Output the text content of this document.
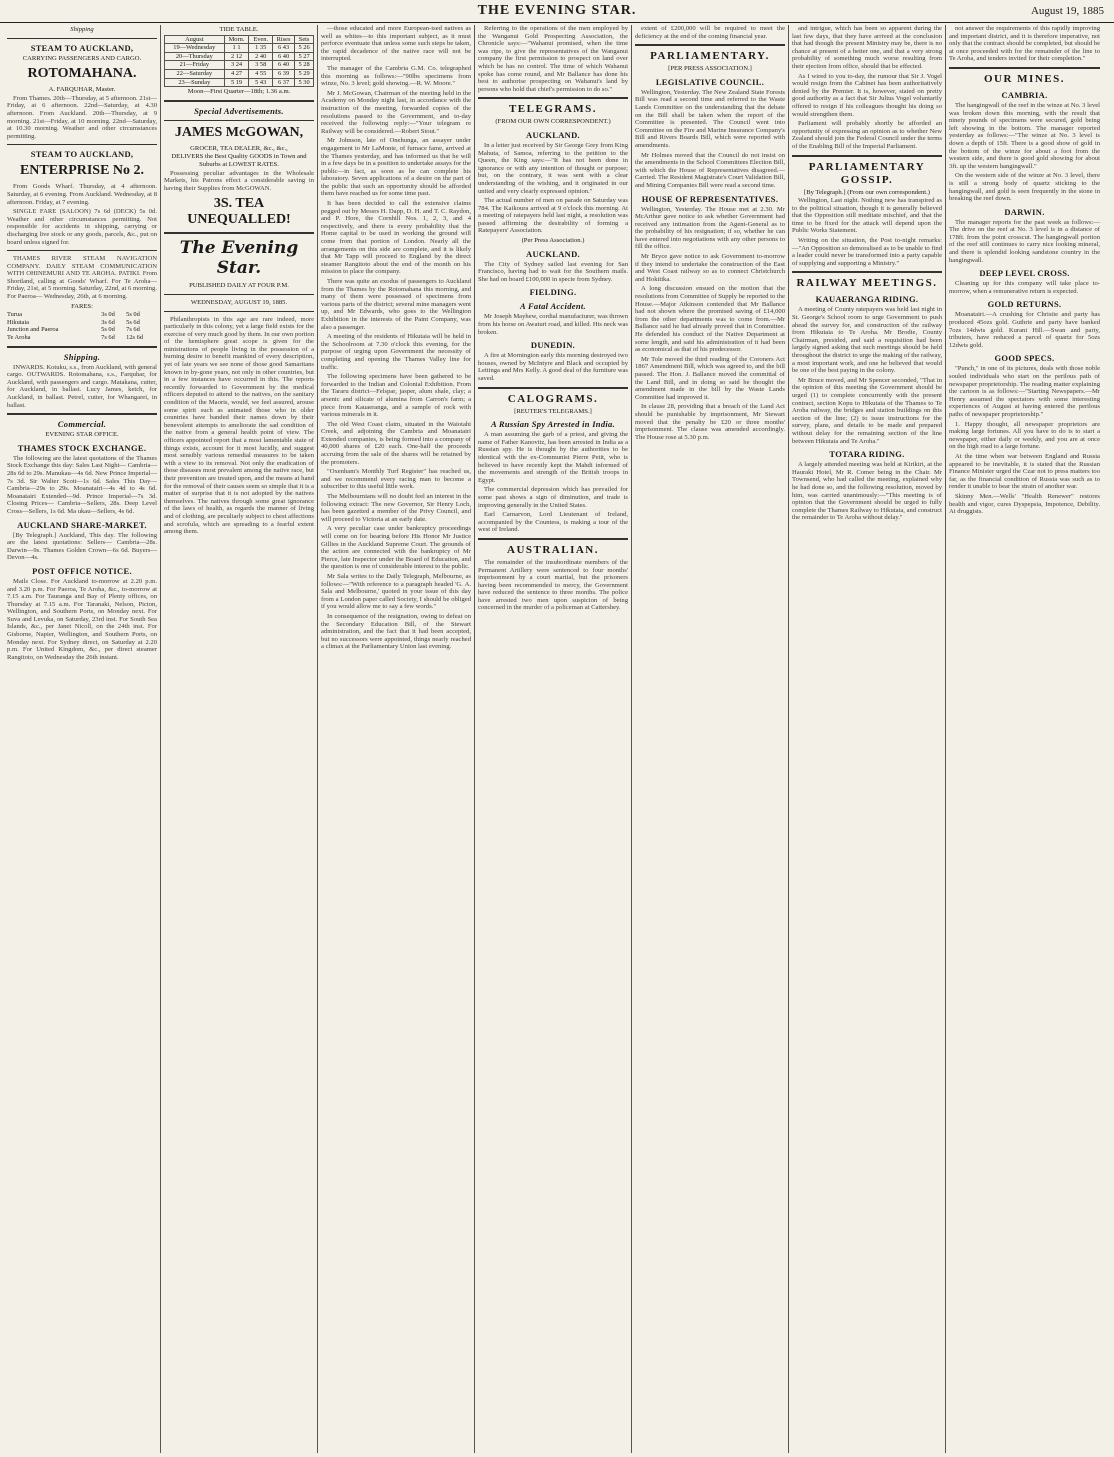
THE EVENING STAR.	August 19, 1885
Shipping
STEAM TO AUCKLAND,
CARRYING PASSENGERS AND CARGO.
ROTOMAHANA.
A. FARQUHAR, Master.

From Thames. 20th—Thursday, at 5 afternoon. 21st—Friday, at 6 afternoon. 22nd—Saturday, at 4.30 afternoon. From Auckland. 20th—Thursday, at 9 morning. 21st—Friday, at 10 morning. 22nd—Saturday, at 10.30 morning. Weather and other circumstances permitting.

STEAM TO AUCKLAND,
ENTERPRISE No 2.

From Goods Wharf. Thursday, at 4 afternoon. Saturday, at 6 evening. From Auckland. Wednesday, at 8 afternoon. Friday, at 7 evening.

SINGLE FARE (SALOON) 7s 6d (DECK) 5s 0d. Weather and other circumstances permitting. Not responsible for accidents in shipping, carrying or discharging live stock or any goods, parcels, &c., put on board unless signed for.

THAMES RIVER STEAM NAVIGATION COMPANY. DAILY STEAM COMMUNICATION WITH OHINEMURI AND TE AROHA. PATIKI. From Shortland, calling at Goods' Wharf. For Te Aroha— Friday, 21st, at 5 morning. Saturday, 22nd, at 6 morning. For Paeroa— Wednesday, 26th, at 6 morning.

FARES:
Turua	3s 0d	5s 0d
Hikutaia	3s 6d	5s 6d
Junction and Paeroa	5s 0d	7s 6d
Te Aroha	7s 6d	12s 6d
Shipping.

INWARDS. Kotuku, s.s., from Auckland, with general cargo. OUTWARDS. Rotomahana, s.s., Farquhar, for Auckland, with passengers and cargo. Matakana, cutter, for Auckland, in ballast. Lucy James, ketch, for Auckland, in ballast. Petrel, cutter, for Whangarei, in ballast.

Commercial.
EVENING STAR OFFICE.
THAMES STOCK EXCHANGE.

The following are the latest quotations of the Thames Stock Exchange this day: Sales Last Night— Cambria—28s 6d to 29s. Manukau—4s 6d. New Prince Imperial—7s 3d. Sir Walter Scott—1s 6d. Sales This Day— Cambria—29s to 29s. Moanatairi—4s 4d to 4s 6d. Moanatairi Extended—9d. Prince Imperial—7s 3d. Closing Prices— Cambria—Sellers, 28s. Deep Level Cross—Sellers, 1s 6d. Ma ukau—Sellers, 4s 6d.

AUCKLAND SHARE-MARKET.

[By Telegraph.] Auckland, This day. The following are the latest quotations: Sellers— Cambria—28s. Darwin—9s. Thames Golden Crown—6s 6d. Buyers— Devon—4s.

POST OFFICE NOTICE.

Mails Close. For Auckland to-morrow at 2.20 p.m. and 3.20 p.m. For Paeroa, Te Aroha, &c., to-morrow at 7.15 a.m. For Tauranga and Bay of Plenty offices, on Thursday at 7.15 a.m. For Taranaki, Nelson, Picton, Wellington, and Southern Ports, on Monday next. For Suva and Levuka, on Saturday, 23rd inst. For South Sea Islands, &c., per Janet Nicoll, on the 24th inst. For Gisborne, Napier, Wellington, and Southern Ports, on Monday next. For Sydney direct, on Saturday at 2.20 p.m. For United Kingdom, &c., per direct steamer Rangitoto, on Wednesday the 26th instant.

TIDE TABLE.
August	Morn.	Even.	Rises	Sets
19—Wednesday	1 1	1 35	6 43	5 26
20—Thursday	2 12	2 40	6 40	5 27
21—Friday	3 24	3 58	6 40	5 28
22—Saturday	4 27	4 55	6 39	5 29
23—Sunday	5 19	5 43	6 37	5 30
Moon—First Quarter—18th; 1.36 a.m.
Special Advertisements.
JAMES McGOWAN,
GROCER, TEA DEALER, &c., &c.,
DELIVERS the Best Quality GOODS in Town and Suburbs at LOWEST RATES.

Possessing peculiar advantages in the Wholesale Markets, his Patrons effect a considerable saving in having their Supplies from McGOWAN.

3S. TEA UNEQUALLED!
The Evening Star.
PUBLISHED DAILY AT FOUR P.M.
WEDNESDAY, AUGUST 19, 1885.

Philanthropists in this age are rare indeed, more particularly in this colony, yet a large field exists for the exercise of very much good by them. In our own portion of the hemisphere great scope is given for the ministrations of people living in the possession of a burning desire to benefit mankind of every description, yet of late years we see none of those good Samaritans known in by-gone years, not only in other countries, but in a few instances have occurred in this. The reports recently forwarded to Government by the medical officers deputed to attend to the natives, on the sanitary condition of the Maoris, would, we feel assured, arouse some spirit such as animated those who in older countries have banded their names down by their benevolent attempts to ameliorate the sad condition of the native from a general health point of view. The officers appointed report that a most lamentable state of things exists, account for it most lucidly, and suggest most sensibly various remedial measures to be taken with a view to its removal. Not only the eradication of those diseases most prevalent among the native race, but their prevention are treated upon, and the means at hand for the removal of their causes seem so simple that it is a matter of surprise that it is not adopted by the natives themselves. The natives through some great ignorance of the laws of health, as regards the manner of living and of clothing, are peculiarly subject to chest affections and scrofula, which are spreading to a fearful extent among them.

—those educated and more European-ised natives as well as whites—to this important subject, as it must perforce eventuate that unless some such steps be taken, the rapid decadence of the native race will not be interrupted.

The manager of the Cambria G.M. Co. telegraphed this morning as follows:—"90lbs specimens from winze, No. 3 level; gold showing.—R. W. Moore."

Mr J. McGowan, Chairman of the meeting held in the Academy on Monday night last, in accordance with the instruction of the meeting, forwarded copies of the resolutions passed to the Government, and to-day received the following reply:—"Your telegram re Railway will be considered.—Robert Stout."

Mr Johnson, late of Onehunga, an assayer under engagement to Mr LaMonte, of furnace fame, arrived at the Thames yesterday, and has informed us that he will in a few days be in a position to undertake assays for the public—in fact, as soon as he can complete his laboratory. Seven applications of a desire on the part of the public that such an opportunity should be afforded them have reached us for some time past.

It has been decided to call the extensive claims pegged out by Messrs H. Dapp, D. H. and T. C. Raydon, and P. Hore, the Cornhill Nos. 1, 2, 3, and 4 respectively, and there is every probability that the Home capital to be used in working the ground will come from that portion of London. Nearly all the arrangements on this side are complete, and it is likely that Mr Tapp will proceed to England by the direct steamer Rangitoto about the end of the month on his mission to place the company.

There was quite an exodus of passengers to Auckland from the Thames by the Rotomahana this morning, and many of them were possessed of specimens from various parts of the district; several mine managers went up, and Mr Edwards, who goes to the Wellington Exhibition in the interests of the Paint Company, was also a passenger.

A meeting of the residents of Hikutaia will be held in the Schoolroom at 7.30 o'clock this evening, for the purpose of urging upon Government the necessity of completing and opening the Thames Valley line for traffic.

The following specimens have been gathered to be forwarded to the Indian and Colonial Exhibition. From the Tararu district—Felspar, jasper, alum shale, clay; a arsenic and silicate of alumina from Carron's farm; a piece from Kauaeranga, and a sample of rock with various minerals in it.

The old West Coast claim, situated in the Waiotahi Creek, and adjoining the Cambria and Moanatairi Extended companies, is being formed into a company of 40,000 shares of £20 each. One-half the proceeds accruing from the sale of the shares will be retained by the promoters.

"Oxenham's Monthly Turf Register" has reached us, and we recommend every racing man to become a subscriber to this useful little work.

The Melbournians will no doubt feel an interest in the following extract: The new Governor, Sir Henry Loch, has been gazetted a member of the Privy Council, and will proceed to Victoria at an early date.

A very peculiar case under bankruptcy proceedings will come on for hearing before His Honor Mr Justice Gillies in the Auckland Supreme Court. The grounds of the action are connected with the bankruptcy of Mr Pierce, late Inspector under the Board of Education, and the question is one of considerable interest to the public.

Mr Sala writes to the Daily Telegraph, Melbourne, as follows:—"With reference to a paragraph headed 'G. A. Sala and Melbourne,' quoted in your issue of this day from a London paper called Society, I should be obliged if you would allow me to say a few words."

In consequence of the resignation, owing to defeat on the Secondary Education Bill, of the Stewart administration, and the fact that it had been accepted, but no successors were appointed, things nearly reached a climax at the Parliamentary Union last evening.

Referring to the operations of the men employed by the Wanganui Gold Prospecting Association, the Chronicle says:—"Wahanui promised, when the time was ripe, to give the representatives of the Wanganui company the first permission to prospect on land over which he has no control. The time of which Wahanui spoke has come round, and Mr Ballance has done his best to authorise prospecting on Wahanui's land by persons who hold that chief's permission to do so."

TELEGRAMS.
(FROM OUR OWN CORRESPONDENT.)
AUCKLAND.

In a letter just received by Sir George Grey from King Mahuta, of Samoa, referring to the petition to the Queen, the King says:—"It has not been done in ignorance or with any intention of thought or purpose; but, on the contrary, it was sent with a clear understanding of the wishing, and it originated in our united and very clearly expressed opinion."

The actual number of men on parade on Saturday was 784. The Kaikoura arrived at 9 o'clock this morning. At a meeting of ratepayers held last night, a resolution was passed affirming the desirability of forming a Ratepayers' Association.

(Per Press Association.)
AUCKLAND.

The City of Sydney sailed last evening for San Francisco, having had to wait for the Southern mails. She had on board £100,000 in specie from Sydney.

FIELDING.
A Fatal Accident.

Mr Joseph Mayhew, cordial manufacturer, was thrown from his horse on Awaturi road, and killed. His neck was broken.

DUNEDIN.

A fire at Mornington early this morning destroyed two houses, owned by McIntyre and Black and occupied by Lettinga and Mrs Kelly. A good deal of the furniture was saved.

CALOGRAMS.
[REUTER'S TELEGRAMS.]
A Russian Spy Arrested in India.

A man assuming the garb of a priest, and giving the name of Father Kanovitz, has been arrested in India as a Russian spy. He is thought by the authorities to be identical with the ex-Communist Pierre Petit, who is believed to have recently kept the Mahdi informed of the movements and strength of the British troops in Egypt.

The commercial depression which has prevailed for some past shows a sign of diminution, and trade is improving generally in the United States.

Earl Carnarvon, Lord Lieutenant of Ireland, accompanied by the Countess, is making a tour of the west of Ireland.

AUSTRALIAN.

The remainder of the insubordinate members of the Permanent Artillery were sentenced to four months' imprisonment by a court martial, but the prisoners having been recommended to mercy, the Government have reduced the sentence to three months. The police have arrested two men upon suspicion of being concerned in the murder of a policeman at Cattershey.

extent of £200,000 will be required to meet the deficiency at the end of the coming financial year.

PARLIAMENTARY.
[PER PRESS ASSOCIATION.]
LEGISLATIVE COUNCIL.

Wellington, Yesterday. The New Zealand State Forests Bill was read a second time and referred to the Waste Lands Committee on the understanding that the debate on the Bill shall be taken when the report of the Committee is presented. The Council went into Committee on the Fire and Marine Insurance Company's Bill and Rivers Boards Bill, which were reported with amendments.

Mr Holmes moved that the Council do not insist on the amendments in the School Committees Election Bill, with which the House of Representatives disagreed.—Carried. The Resident Magistrate's Court Validation Bill, and Mining Companies Bill were read a second time.

HOUSE OF REPRESENTATIVES.

Wellington, Yesterday. The House met at 2.30. Mr McArthur gave notice to ask whether Government had received any intimation from the Agent-General as to the probability of his resignation; if so, whether he can have entered into negotiations with any other persons to fill the office.

Mr Bryce gave notice to ask Government to-morrow if they intend to undertake the construction of the East and West Coast railway so as to connect Christchurch and Hokitika.

A long discussion ensued on the motion that the resolutions from Committee of Supply be reported to the House.—Major Atkinson contended that Mr Ballance had not shown where the promised saving of £14,000 from the other departments was to come from.—Mr Ballance said he had already proved that in Committee. He defended his conduct of the Native Department at some length, and said his administration of it had been as economical as that of his predecessor.

Mr Tole moved the third reading of the Coroners Act 1867 Amendment Bill, which was agreed to, and the bill passed. The Hon. J. Ballance moved the committal of the Land Bill, and in doing so said he thought the amendment made in the bill by the Waste Lands Committee had improved it.

In clause 28, providing that a breach of the Land Act should be punishable by imprisonment, Mr Stewart moved that the penalty be £20 or three months' imprisonment. The clause was amended accordingly. The House rose at 5.30 p.m.

and intrigue, which has been so apparent during the last few days, that they have arrived at the conclusion that had though the present Ministry may be, there is no chance at present of a better one, and that a very strong probability of something much worse resulting from their ejection from office, should that be effected.

As I wired to you to-day, the rumour that Sir J. Vogel would resign from the Cabinet has been authoritatively denied by the Premier. It is, however, stated on pretty good authority as a fact that Sir Julius Vogel voluntarily offered to resign if his colleagues thought his doing so would strengthen them.

Parliament will probably shortly be afforded an opportunity of expressing an opinion as to whether New Zealand should join the Federal Council under the terms of the Enabling Bill of the Imperial Parliament.

PARLIAMENTARY GOSSIP.
[By Telegraph.] (From our own correspondent.)

Wellington, Last night. Nothing new has transpired as to the political situation, though it is generally believed that the Opposition still meditate mischief, and that the time to be fixed for the attack will depend upon the Public Works Statement.

Writing on the situation, the Post to-night remarks:—"An Opposition so demoralised as to be unable to find a leader could never be transformed into a party capable of supplying and supporting a Ministry."

RAILWAY MEETINGS.
KAUAERANGA RIDING.

A meeting of County ratepayers was held last night in St. George's School room to urge Government to push ahead the survey for, and construction of the railway from Hikutaia to Te Aroha. Mr Brodie, County Chairman, presided, and said a requisition had been largely signed asking that such meetings should be held throughout the district to urge the making of the railway, a most important work, and one he believed that would be one of the best paying in the colony.

Mr Bruce moved, and Mr Spencer seconded, "That in the opinion of this meeting the Government should be urged (1) to complete concurrently with the present contract, section Kopu to Hikutaia of the Thames to Te Aroha railway, the bridges and station buildings on this section of the line; (2) to issue instructions for the survey, plans, and details to be made and prepared without delay for the remaining section of the line between Hikutaia and Te Aroha."

TOTARA RIDING.

A largely attended meeting was held at Kirikiri, at the Hauraki Hotel, Mr R. Comer being in the Chair. Mr Townsend, who had called the meeting, explained why he had done so, and the following resolution, moved by him, was carried unanimously:—"This meeting is of opinion that the Government should be urged to fully complete the Thames Railway to Hikutaia, and construct the remainder to Te Aroha without delay."

not answer the requirements of this rapidly improving and important district, and it is therefore imperative, not only that the contract should be completed, but should be at once proceeded with for the remainder of the line to Te Aroha, and tenders invited for their completion."

OUR MINES.
CAMBRIA.

The hangingwall of the reef in the winze at No. 3 level was broken down this morning, with the result that ninety pounds of specimens were secured, gold being left showing in the bottom. The manager reported yesterday as follows:—"The winze at No. 3 level is down a depth of 15ft. There is a good show of gold in the bottom of the winze for about a foot from the western side, and there is good gold showing for about 3ft. up the western hangingwall."

On the western side of the winze at No. 3 level, there is still a strong body of quartz sticking to the hangingwall, and gold is seen frequently in the stone in breaking the reef down.

DARWIN.

The manager reports for the past week as follows:—The drive on the reef at No. 3 level is in a distance of 178ft. from the point crosscut. The hangingwall portion of the reef still continues to carry nice looking mineral, and there is splendid looking sandstone country in the hangingwall.

DEEP LEVEL CROSS.

Cleaning up for this company will take place to-morrow, when a remunerative return is expected.

GOLD RETURNS.

Moanatairi.—A crushing for Christie and party has produced 45ozs gold. Guthrie and party have banked 7ozs 14dwts gold. Kurani Hill.—Swan and party, tributers, have reduced a parcel of quartz for 5ozs 12dwts gold.

GOOD SPECS.

"Punch," in one of its pictures, deals with those noble souled individuals who start on the perilous path of newspaper proprietorship. The reading matter explaining the cartoon is as follows:—"Starting Newspapers.—Mr Henry assumed the spectators with some interesting experiences of August at having entered the perilous paths of newspaper proprietorship."

1. Happy thought, all newspaper proprietors are making large fortunes. All you have to do is to start a newspaper, either daily or weekly, and you are at once on the high road to a large fortune.

At the time when war between England and Russia appeared to be inevitable, it is stated that the Russian Finance Minister urged the Czar not to press matters too far, as the financial condition of Russia was such as to render it unable to bear the strain of another war.

Skinny Men.—Wells' "Health Renewer" restores health and vigor, cures Dyspepsia, Impotence, Debility. At druggists.
